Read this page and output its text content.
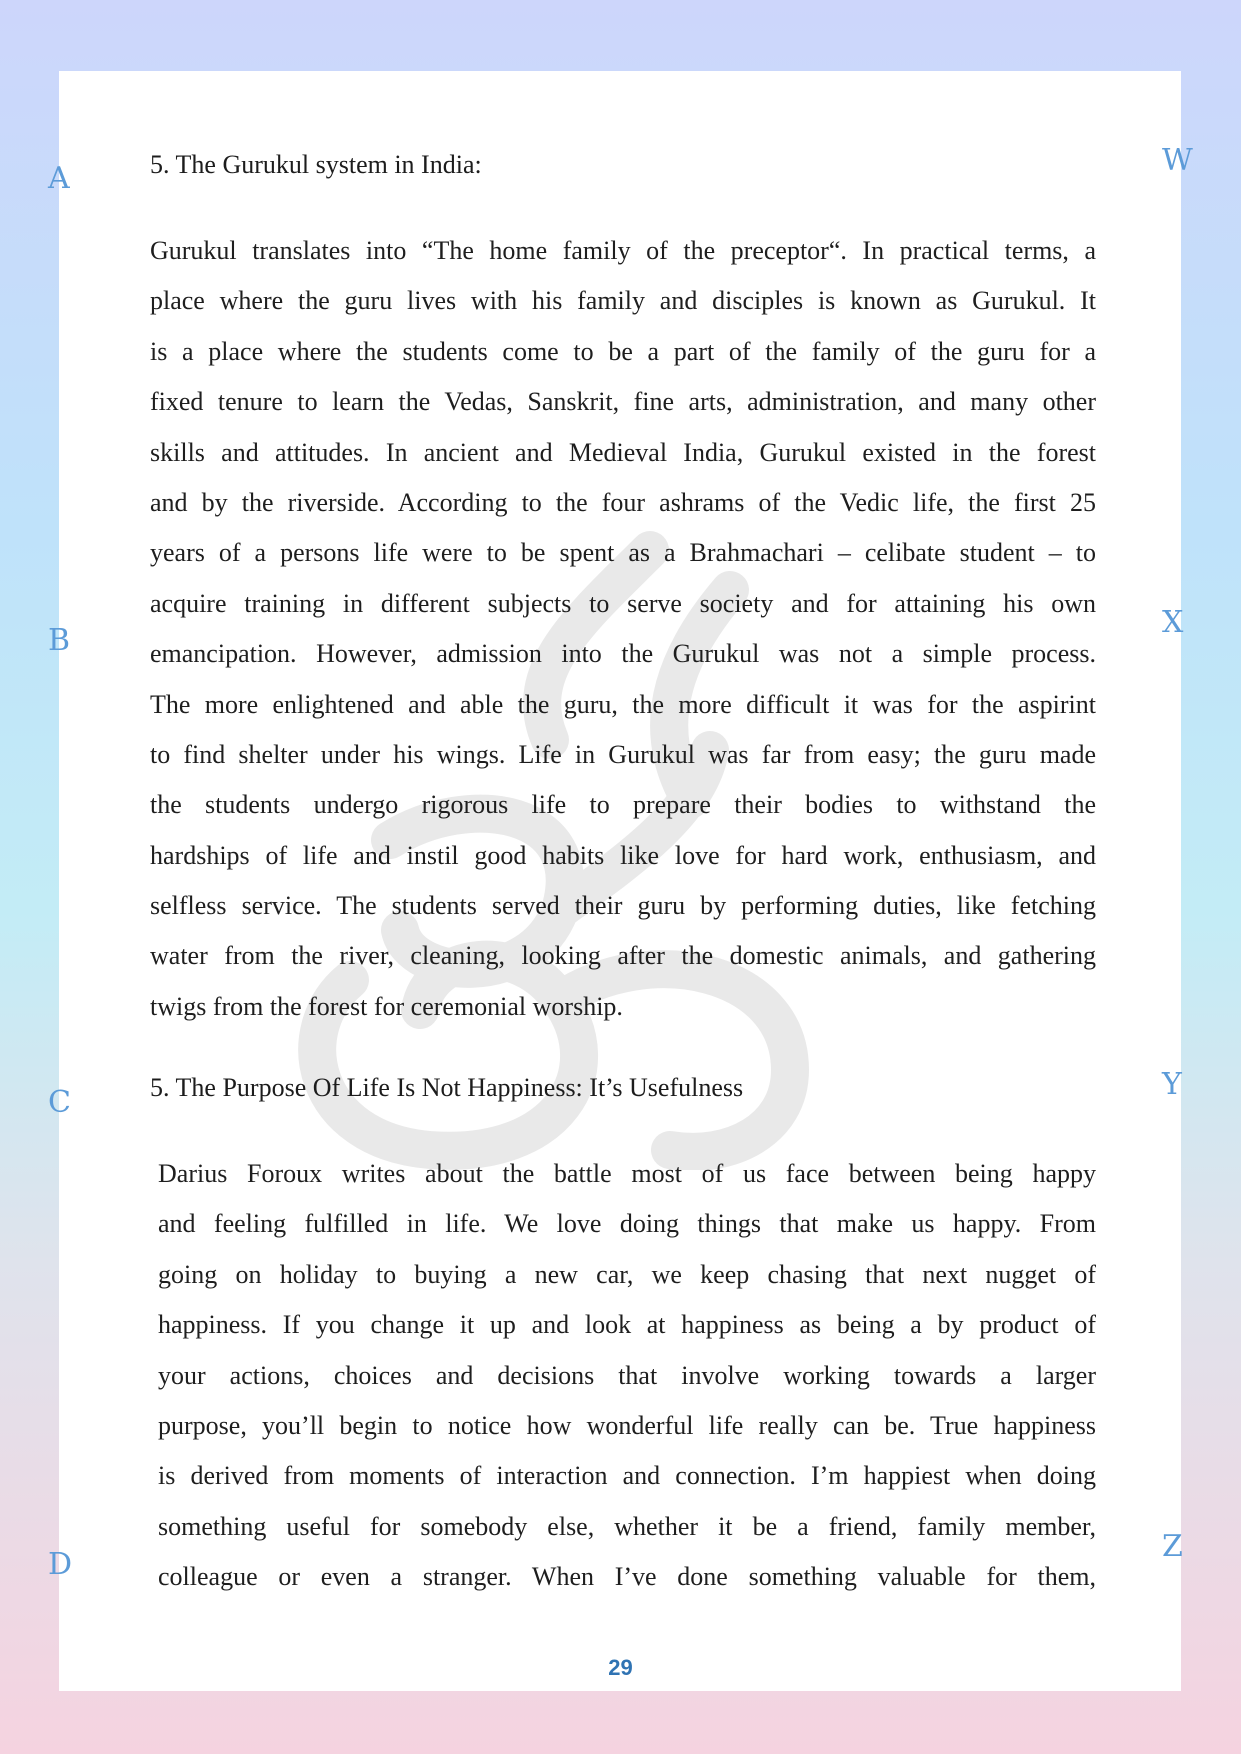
A
B
C
D
W
X
Y
Z
5. The Gurukul system in India:
Gurukul translates into “The home family of the preceptor“. In practical terms, a
place where the guru lives with his family and disciples is known as Gurukul. It
is a place where the students come to be a part of the family of the guru for a
fixed tenure to learn the Vedas, Sanskrit, fine arts, administration, and many other
skills and attitudes. In ancient and Medieval India, Gurukul existed in the forest
and by the riverside. According to the four ashrams of the Vedic life, the first 25
years of a persons life were to be spent as a Brahmachari – celibate student – to
acquire training in different subjects to serve society and for attaining his own
emancipation. However, admission into the Gurukul was not a simple process.
The more enlightened and able the guru, the more difficult it was for the aspirint
to find shelter under his wings. Life in Gurukul was far from easy; the guru made
the students undergo rigorous life to prepare their bodies to withstand the
hardships of life and instil good habits like love for hard work, enthusiasm, and
selfless service. The students served their guru by performing duties, like fetching
water from the river, cleaning, looking after the domestic animals, and gathering
twigs from the forest for ceremonial worship.
5. The Purpose Of Life Is Not Happiness: It’s Usefulness
Darius Foroux writes about the battle most of us face between being happy
and feeling fulfilled in life. We love doing things that make us happy. From
going on holiday to buying a new car, we keep chasing that next nugget of
happiness. If you change it up and look at happiness as being a by product of
your actions, choices and decisions that involve working towards a larger
purpose, you’ll begin to notice how wonderful life really can be. True happiness
is derived from moments of interaction and connection. I’m happiest when doing
something useful for somebody else, whether it be a friend, family member,
colleague or even a stranger. When I’ve done something valuable for them,
29
